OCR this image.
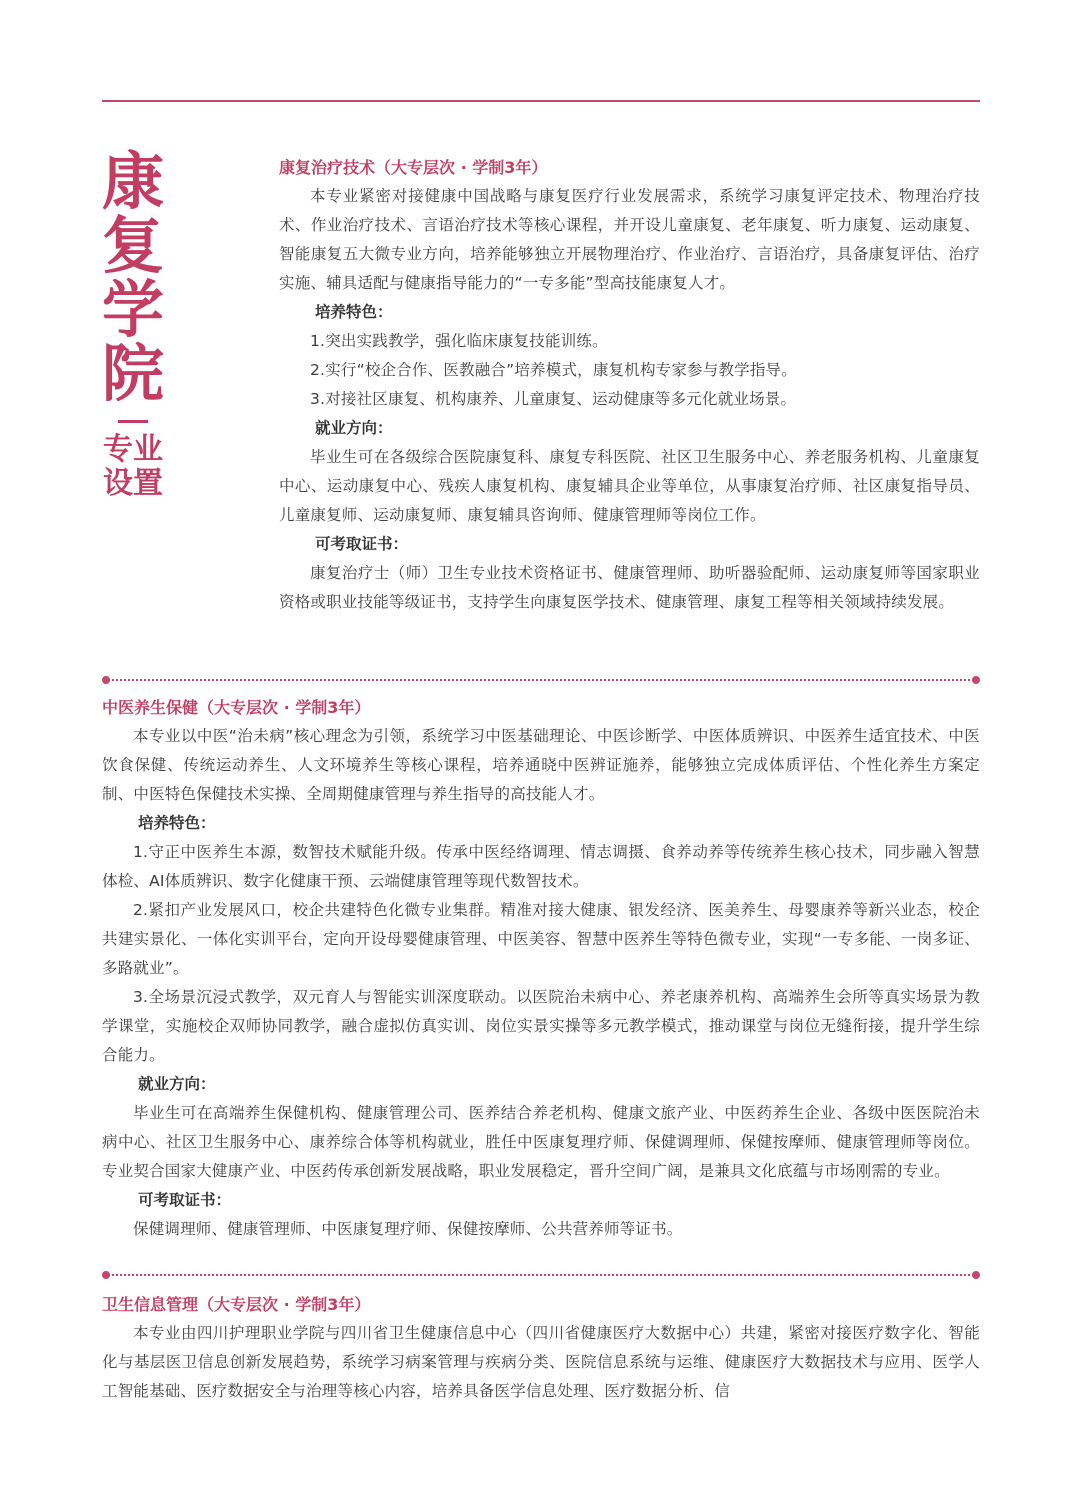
康复学院
专业设置
康复治疗技术（大专层次 · 学制3年）
本专业紧密对接健康中国战略与康复医疗行业发展需求，系统学习康复评定技术、物理治疗技术、作业治疗技术、言语治疗技术等核心课程，并开设儿童康复、老年康复、听力康复、运动康复、智能康复五大微专业方向，培养能够独立开展物理治疗、作业治疗、言语治疗，具备康复评估、治疗实施、辅具适配与健康指导能力的“一专多能”型高技能康复人才。
培养特色：
1.突出实践教学，强化临床康复技能训练。
2.实行“校企合作、医教融合”培养模式，康复机构专家参与教学指导。
3.对接社区康复、机构康养、儿童康复、运动健康等多元化就业场景。
就业方向：
毕业生可在各级综合医院康复科、康复专科医院、社区卫生服务中心、养老服务机构、儿童康复中心、运动康复中心、残疾人康复机构、康复辅具企业等单位，从事康复治疗师、社区康复指导员、儿童康复师、运动康复师、康复辅具咨询师、健康管理师等岗位工作。
可考取证书：
康复治疗士（师）卫生专业技术资格证书、健康管理师、助听器验配师、运动康复师等国家职业资格或职业技能等级证书，支持学生向康复医学技术、健康管理、康复工程等相关领域持续发展。
中医养生保健（大专层次 · 学制3年）
本专业以中医“治未病”核心理念为引领，系统学习中医基础理论、中医诊断学、中医体质辨识、中医养生适宜技术、中医饮食保健、传统运动养生、人文环境养生等核心课程，培养通晓中医辨证施养，能够独立完成体质评估、个性化养生方案定制、中医特色保健技术实操、全周期健康管理与养生指导的高技能人才。
培养特色：
1.守正中医养生本源，数智技术赋能升级。传承中医经络调理、情志调摄、食养动养等传统养生核心技术，同步融入智慧体检、AI体质辨识、数字化健康干预、云端健康管理等现代数智技术。
2.紧扣产业发展风口，校企共建特色化微专业集群。精准对接大健康、银发经济、医美养生、母婴康养等新兴业态，校企共建实景化、一体化实训平台，定向开设母婴健康管理、中医美容、智慧中医养生等特色微专业，实现“一专多能、一岗多证、多路就业”。
3.全场景沉浸式教学，双元育人与智能实训深度联动。以医院治未病中心、养老康养机构、高端养生会所等真实场景为教学课堂，实施校企双师协同教学，融合虚拟仿真实训、岗位实景实操等多元教学模式，推动课堂与岗位无缝衔接，提升学生综合能力。
就业方向：
毕业生可在高端养生保健机构、健康管理公司、医养结合养老机构、健康文旅产业、中医药养生企业、各级中医医院治未病中心、社区卫生服务中心、康养综合体等机构就业，胜任中医康复理疗师、保健调理师、保健按摩师、健康管理师等岗位。专业契合国家大健康产业、中医药传承创新发展战略，职业发展稳定，晋升空间广阔，是兼具文化底蕴与市场刚需的专业。
可考取证书：
保健调理师、健康管理师、中医康复理疗师、保健按摩师、公共营养师等证书。
卫生信息管理（大专层次 · 学制3年）
本专业由四川护理职业学院与四川省卫生健康信息中心（四川省健康医疗大数据中心）共建，紧密对接医疗数字化、智能化与基层医卫信息创新发展趋势，系统学习病案管理与疾病分类、医院信息系统与运维、健康医疗大数据技术与应用、医学人工智能基础、医疗数据安全与治理等核心内容，培养具备医学信息处理、医疗数据分析、信
